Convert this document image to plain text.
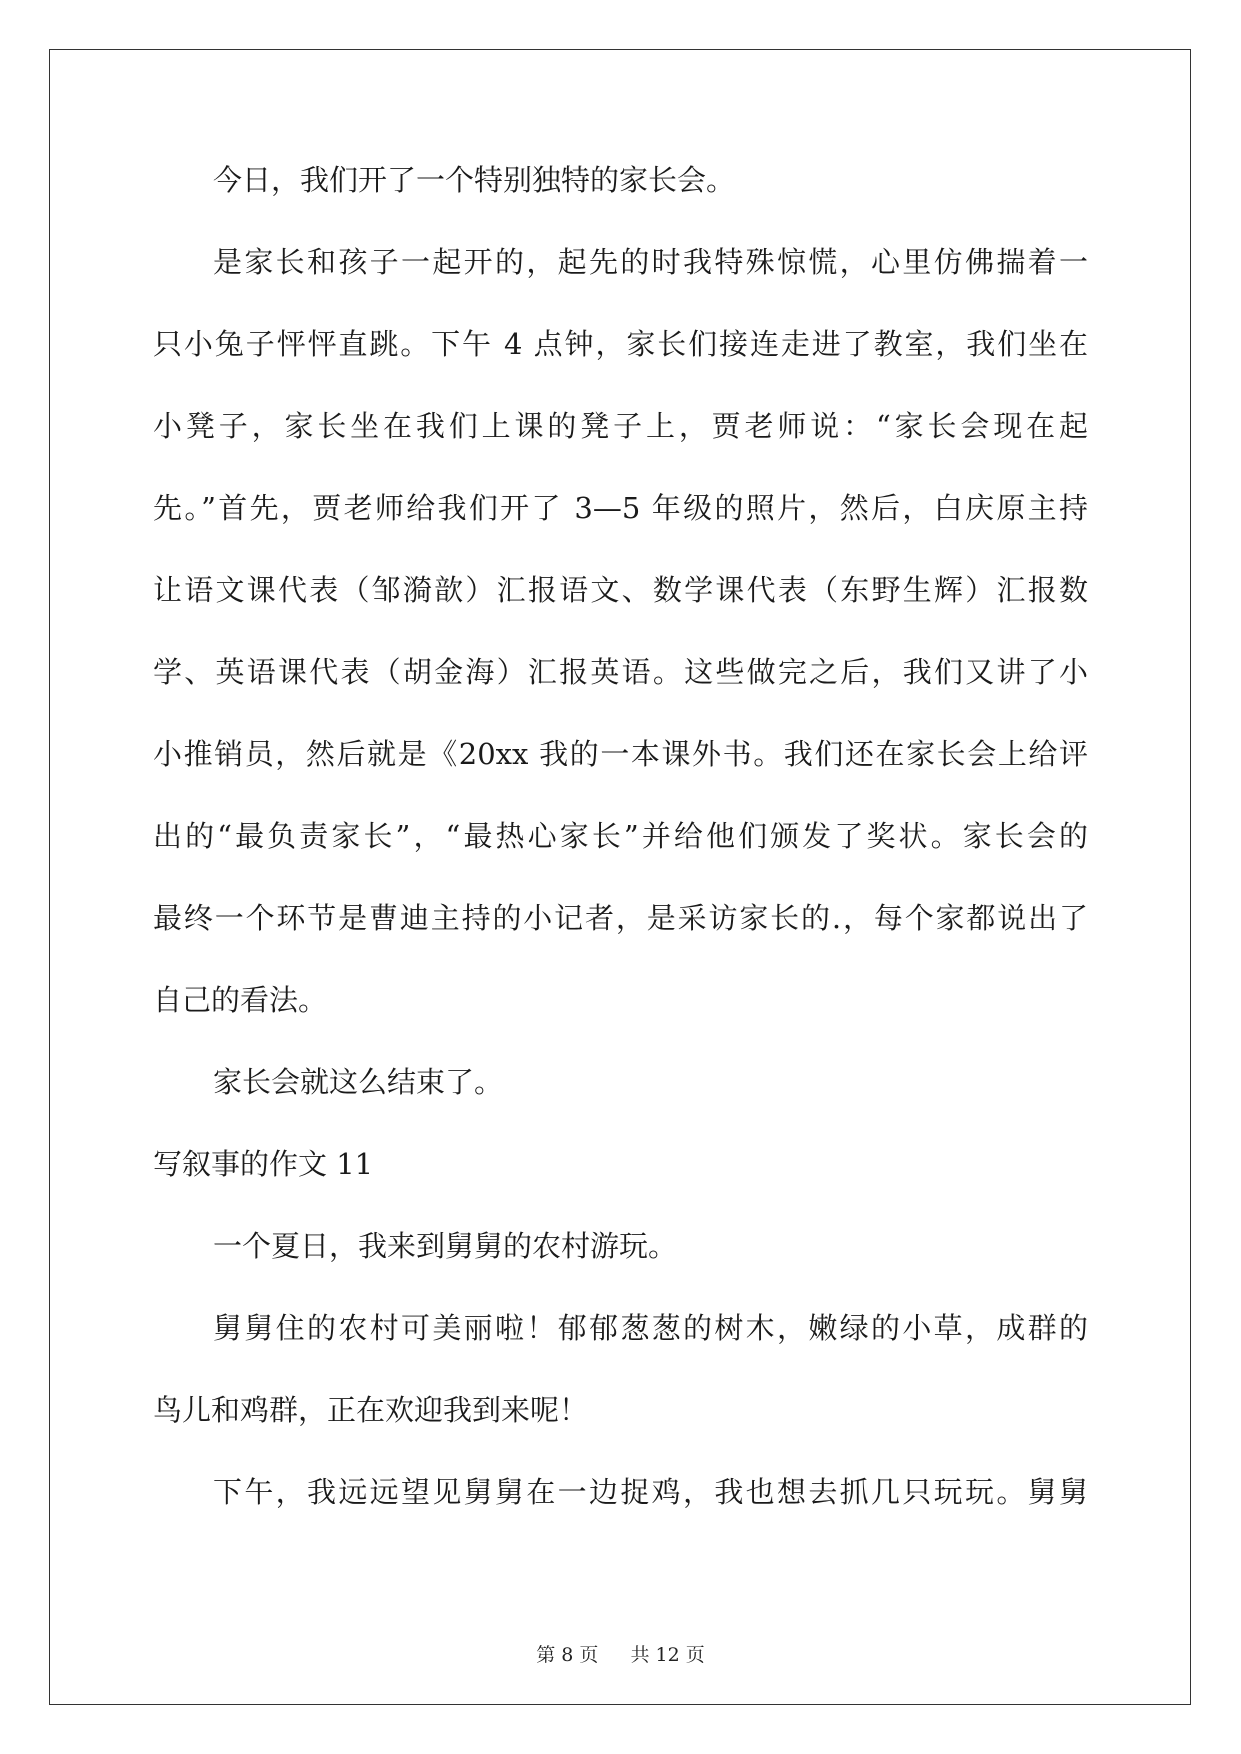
今日，我们开了一个特别独特的家长会。
是家长和孩子一起开的，起先的时我特殊惊慌，心里仿佛揣着一
只小兔子怦怦直跳。下午 4 点钟，家长们接连走进了教室，我们坐在
小凳子，家长坐在我们上课的凳子上，贾老师说：“家长会现在起
先。”首先，贾老师给我们开了 3—5 年级的照片，然后，白庆原主持
让语文课代表（邹漪歆）汇报语文、数学课代表（东野生辉）汇报数
学、英语课代表（胡金海）汇报英语。这些做完之后，我们又讲了小
小推销员，然后就是《20xx 我的一本课外书。我们还在家长会上给评
出的“最负责家长”，“最热心家长”并给他们颁发了奖状。家长会的
最终一个环节是曹迪主持的小记者，是采访家长的.，每个家都说出了
自己的看法。
家长会就这么结束了。
写叙事的作文 11
一个夏日，我来到舅舅的农村游玩。
舅舅住的农村可美丽啦！郁郁葱葱的树木，嫩绿的小草，成群的
鸟儿和鸡群，正在欢迎我到来呢！
下午，我远远望见舅舅在一边捉鸡，我也想去抓几只玩玩。舅舅
第 8 页 共 12 页
